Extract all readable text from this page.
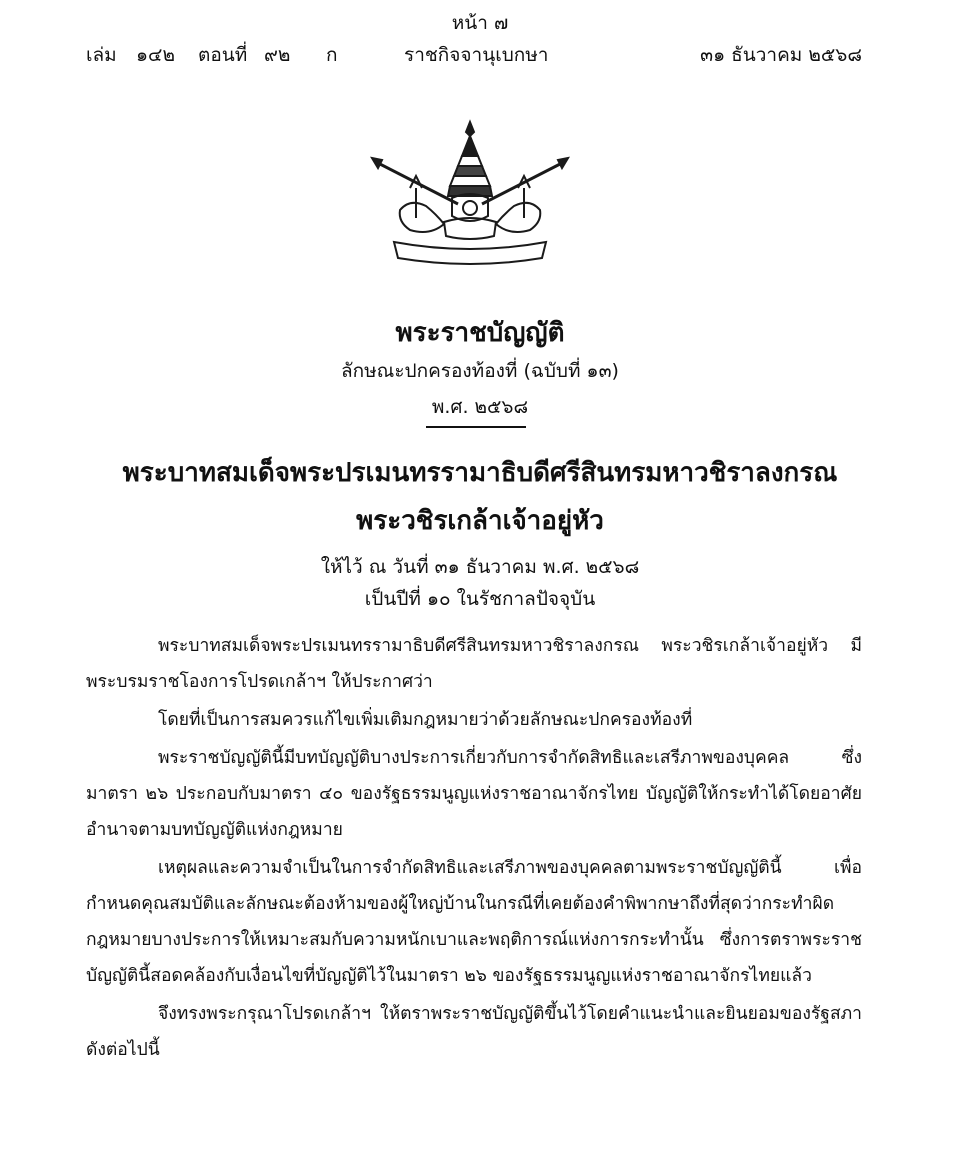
หน้า ๗
เล่ม ๑๔๒ ตอนที่ ๙๒ ก	ราชกิจจานุเบกษา	๓๑ ธันวาคม ๒๕๖๘
พระราชบัญญัติ
ลักษณะปกครองท้องที่ (ฉบับที่ ๑๓)
พ.ศ. ๒๕๖๘
พระบาทสมเด็จพระปรเมนทรรามาธิบดีศรีสินทรมหาวชิราลงกรณ
พระวชิรเกล้าเจ้าอยู่หัว
ให้ไว้ ณ วันที่ ๓๑ ธันวาคม พ.ศ. ๒๕๖๘
เป็นปีที่ ๑๐ ในรัชกาลปัจจุบัน

พระบาทสมเด็จพระปรเมนทรรามาธิบดีศรีสินทรมหาวชิราลงกรณ พระวชิรเกล้าเจ้าอยู่หัว มีพระบรมราชโองการโปรดเกล้าฯ ให้ประกาศว่า

โดยที่เป็นการสมควรแก้ไขเพิ่มเติมกฎหมายว่าด้วยลักษณะปกครองท้องที่

พระราชบัญญัตินี้มีบทบัญญัติบางประการเกี่ยวกับการจำกัดสิทธิและเสรีภาพของบุคคล ซึ่งมาตรา ๒๖ ประกอบกับมาตรา ๔๐ ของรัฐธรรมนูญแห่งราชอาณาจักรไทย บัญญัติให้กระทำได้โดยอาศัยอำนาจตามบทบัญญัติแห่งกฎหมาย

เหตุผลและความจำเป็นในการจำกัดสิทธิและเสรีภาพของบุคคลตามพระราชบัญญัตินี้ เพื่อกำหนดคุณสมบัติและลักษณะต้องห้ามของผู้ใหญ่บ้านในกรณีที่เคยต้องคำพิพากษาถึงที่สุดว่ากระทำผิดกฎหมายบางประการให้เหมาะสมกับความหนักเบาและพฤติการณ์แห่งการกระทำนั้น ซึ่งการตราพระราชบัญญัตินี้สอดคล้องกับเงื่อนไขที่บัญญัติไว้ในมาตรา ๒๖ ของรัฐธรรมนูญแห่งราชอาณาจักรไทยแล้ว

จึงทรงพระกรุณาโปรดเกล้าฯ ให้ตราพระราชบัญญัติขึ้นไว้โดยคำแนะนำและยินยอมของรัฐสภา ดังต่อไปนี้
